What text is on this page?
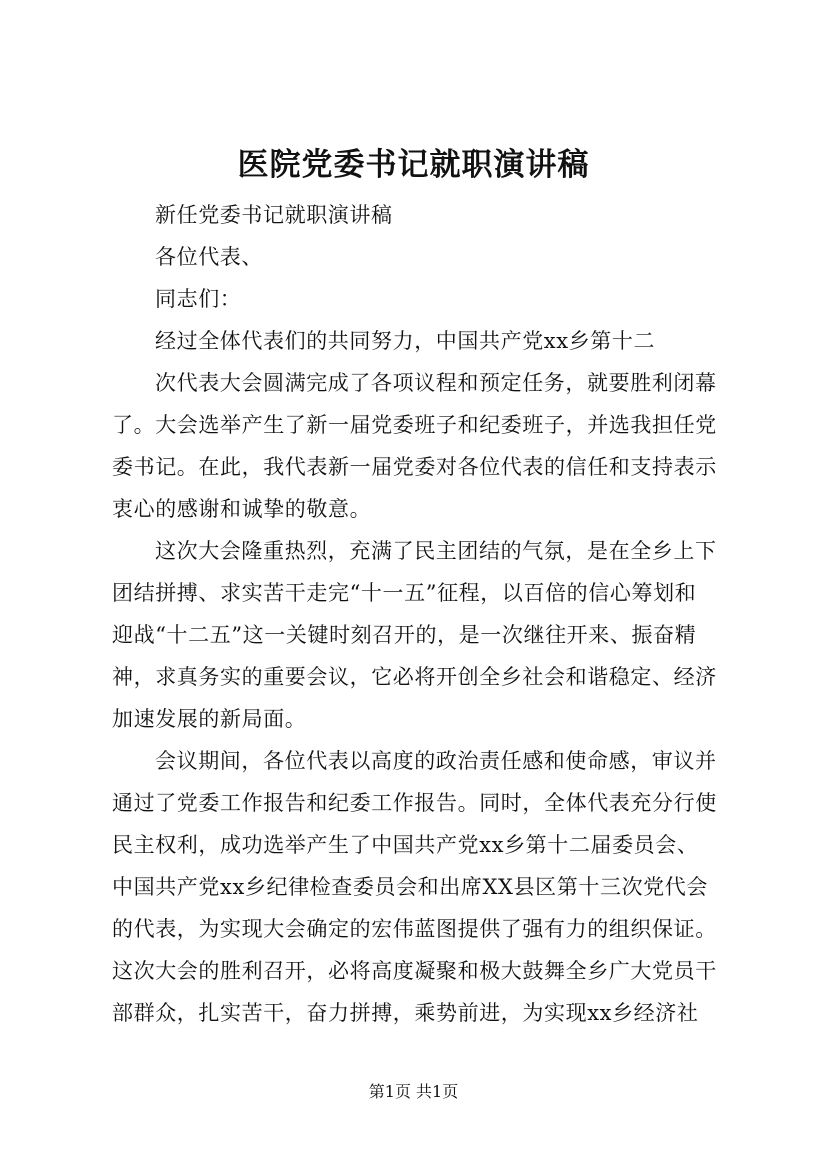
医院党委书记就职演讲稿
新任党委书记就职演讲稿
各位代表、
同志们：
经过全体代表们的共同努力，中国共产党xx乡第十二
次代表大会圆满完成了各项议程和预定任务，就要胜利闭幕
了。大会选举产生了新一届党委班子和纪委班子，并选我担任党
委书记。在此，我代表新一届党委对各位代表的信任和支持表示
衷心的感谢和诚挚的敬意。
这次大会隆重热烈，充满了民主团结的气氛，是在全乡上下
团结拼搏、求实苦干走完“十一五”征程，以百倍的信心筹划和
迎战“十二五”这一关键时刻召开的，是一次继往开来、振奋精
神，求真务实的重要会议，它必将开创全乡社会和谐稳定、经济
加速发展的新局面。
会议期间，各位代表以高度的政治责任感和使命感，审议并
通过了党委工作报告和纪委工作报告。同时，全体代表充分行使
民主权利，成功选举产生了中国共产党xx乡第十二届委员会、
中国共产党xx乡纪律检查委员会和出席XX县区第十三次党代会
的代表，为实现大会确定的宏伟蓝图提供了强有力的组织保证。
这次大会的胜利召开，必将高度凝聚和极大鼓舞全乡广大党员干
部群众，扎实苦干，奋力拼搏，乘势前进，为实现xx乡经济社
第1页 共1页
